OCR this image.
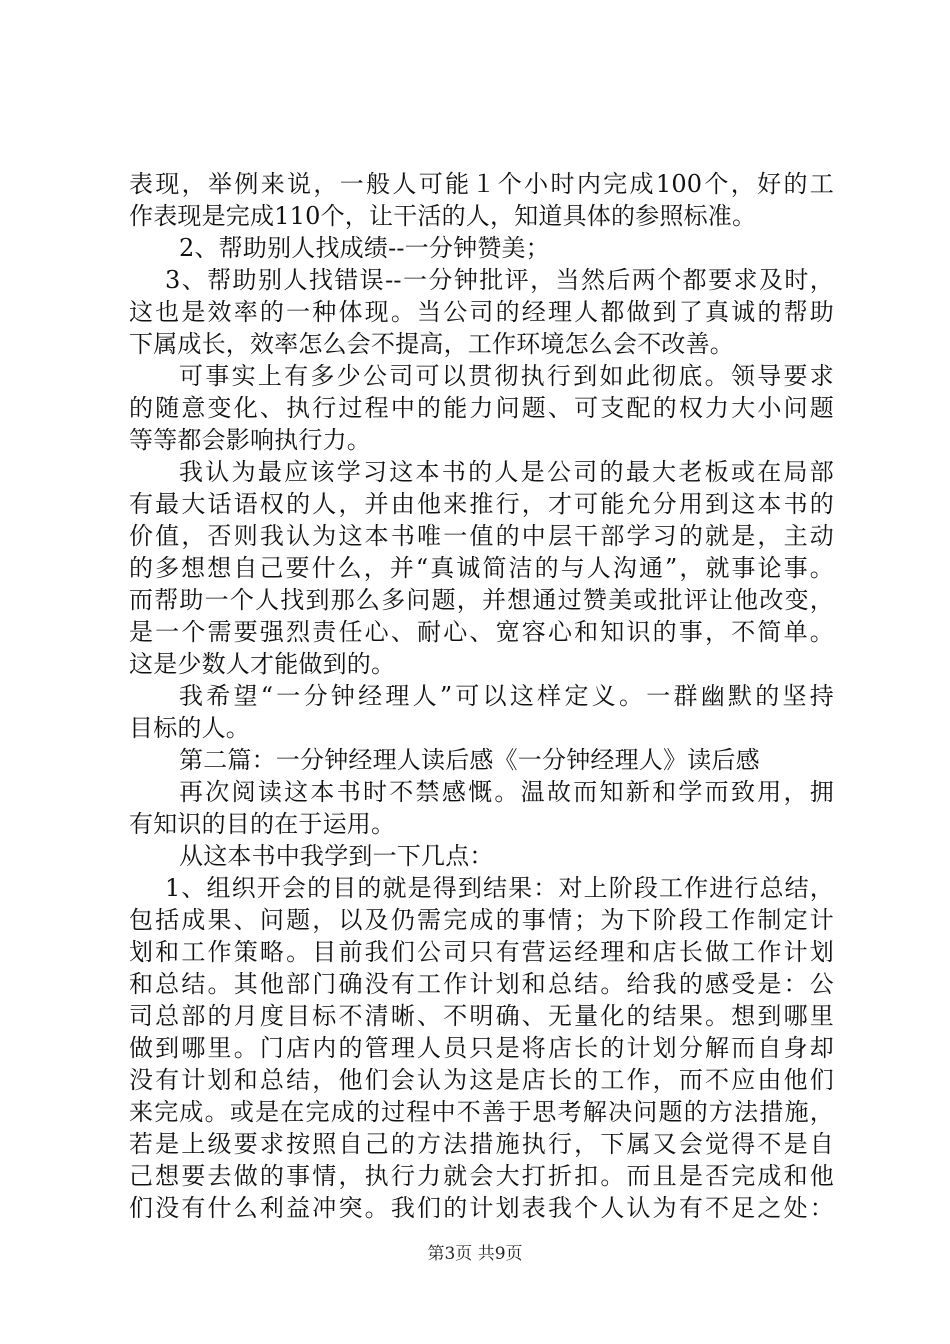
表现，举例来说，一般人可能１个小时内完成100个，好的工
作表现是完成110个，让干活的人，知道具体的参照标准。
2、帮助别人找成绩--一分钟赞美；
3、帮助别人找错误--一分钟批评，当然后两个都要求及时，
这也是效率的一种体现。当公司的经理人都做到了真诚的帮助
下属成长，效率怎么会不提高，工作环境怎么会不改善。
可事实上有多少公司可以贯彻执行到如此彻底。领导要求
的随意变化、执行过程中的能力问题、可支配的权力大小问题
等等都会影响执行力。
我认为最应该学习这本书的人是公司的最大老板或在局部
有最大话语权的人，并由他来推行，才可能允分用到这本书的
价值，否则我认为这本书唯一值的中层干部学习的就是，主动
的多想想自己要什么，并“真诚简洁的与人沟通”，就事论事。
而帮助一个人找到那么多问题，并想通过赞美或批评让他改变，
是一个需要强烈责任心、耐心、宽容心和知识的事，不简单。
这是少数人才能做到的。
我希望“一分钟经理人”可以这样定义。一群幽默的坚持
目标的人。
第二篇：一分钟经理人读后感《一分钟经理人》读后感
再次阅读这本书时不禁感慨。温故而知新和学而致用，拥
有知识的目的在于运用。
从这本书中我学到一下几点：
1、组织开会的目的就是得到结果：对上阶段工作进行总结，
包括成果、问题，以及仍需完成的事情；为下阶段工作制定计
划和工作策略。目前我们公司只有营运经理和店长做工作计划
和总结。其他部门确没有工作计划和总结。给我的感受是：公
司总部的月度目标不清晰、不明确、无量化的结果。想到哪里
做到哪里。门店内的管理人员只是将店长的计划分解而自身却
没有计划和总结，他们会认为这是店长的工作，而不应由他们
来完成。或是在完成的过程中不善于思考解决问题的方法措施，
若是上级要求按照自己的方法措施执行，下属又会觉得不是自
己想要去做的事情，执行力就会大打折扣。而且是否完成和他
们没有什么利益冲突。我们的计划表我个人认为有不足之处：
第3页 共9页
